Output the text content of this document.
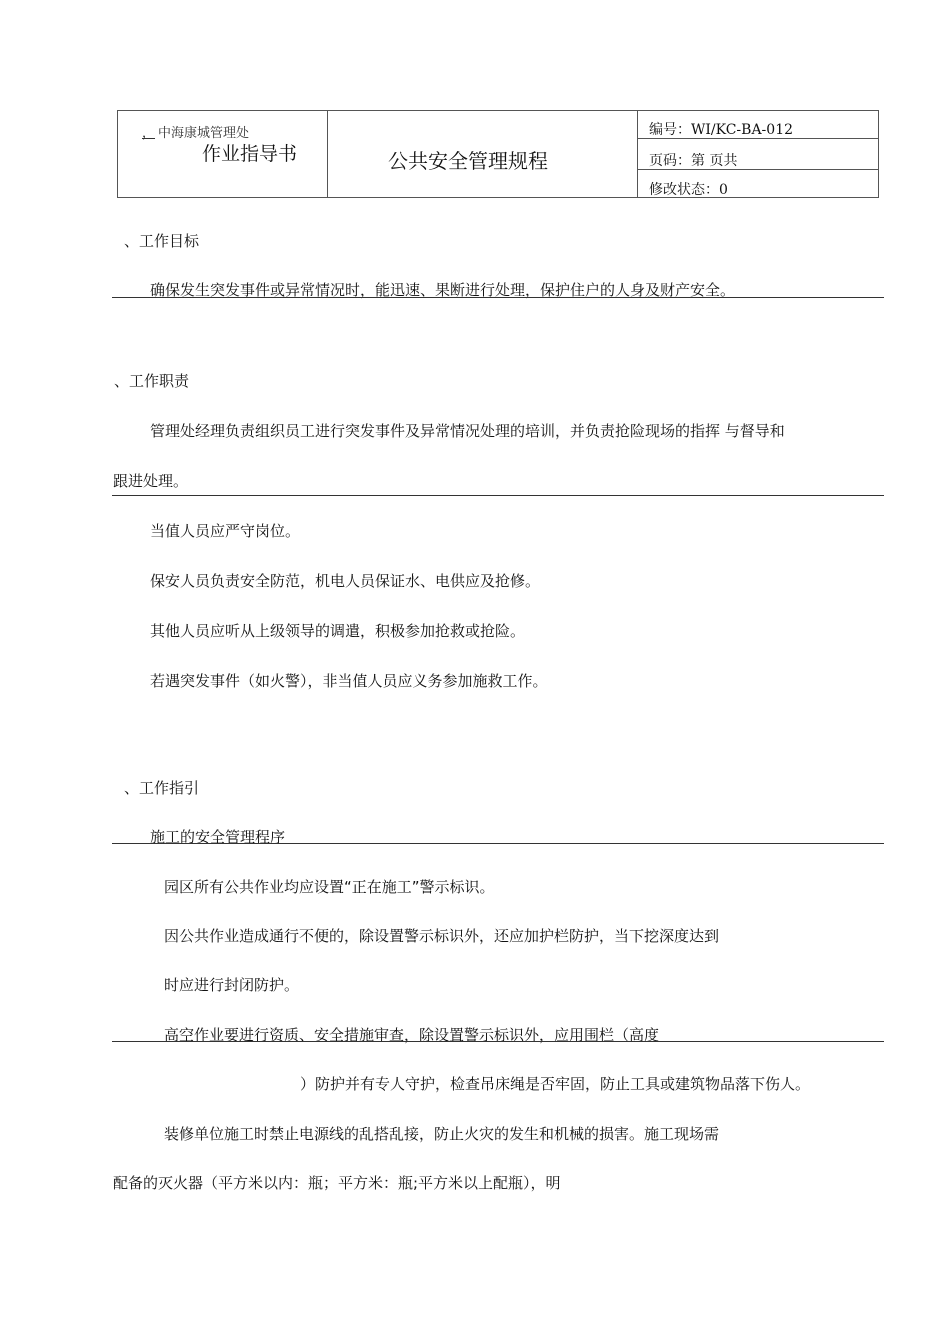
， 中海康城管理处
作业指导书	公共安全管理规程
编号：WI/KC-BA-012
页码：第 页共
修改状态：0
、工作目标
确保发生突发事件或异常情况时，能迅速、果断进行处理，保护住户的人身及财产安全。
、工作职责
管理处经理负责组织员工进行突发事件及异常情况处理的培训，并负责抢险现场的指挥 与督导和
跟进处理。
当值人员应严守岗位。
保安人员负责安全防范，机电人员保证水、电供应及抢修。
其他人员应听从上级领导的调遣，积极参加抢救或抢险。
若遇突发事件（如火警），非当值人员应义务参加施救工作。
、工作指引
施工的安全管理程序
园区所有公共作业均应设置“正在施工”警示标识。
因公共作业造成通行不便的，除设置警示标识外，还应加护栏防护，当下挖深度达到
时应进行封闭防护。
高空作业要进行资质、安全措施审查，除设置警示标识外，应用围栏（高度
）防护并有专人守护，检查吊床绳是否牢固，防止工具或建筑物品落下伤人。
装修单位施工时禁止电源线的乱搭乱接，防止火灾的发生和机械的损害。施工现场需
配备的灭火器（平方米以内：瓶；平方米：瓶;平方米以上配瓶），明
